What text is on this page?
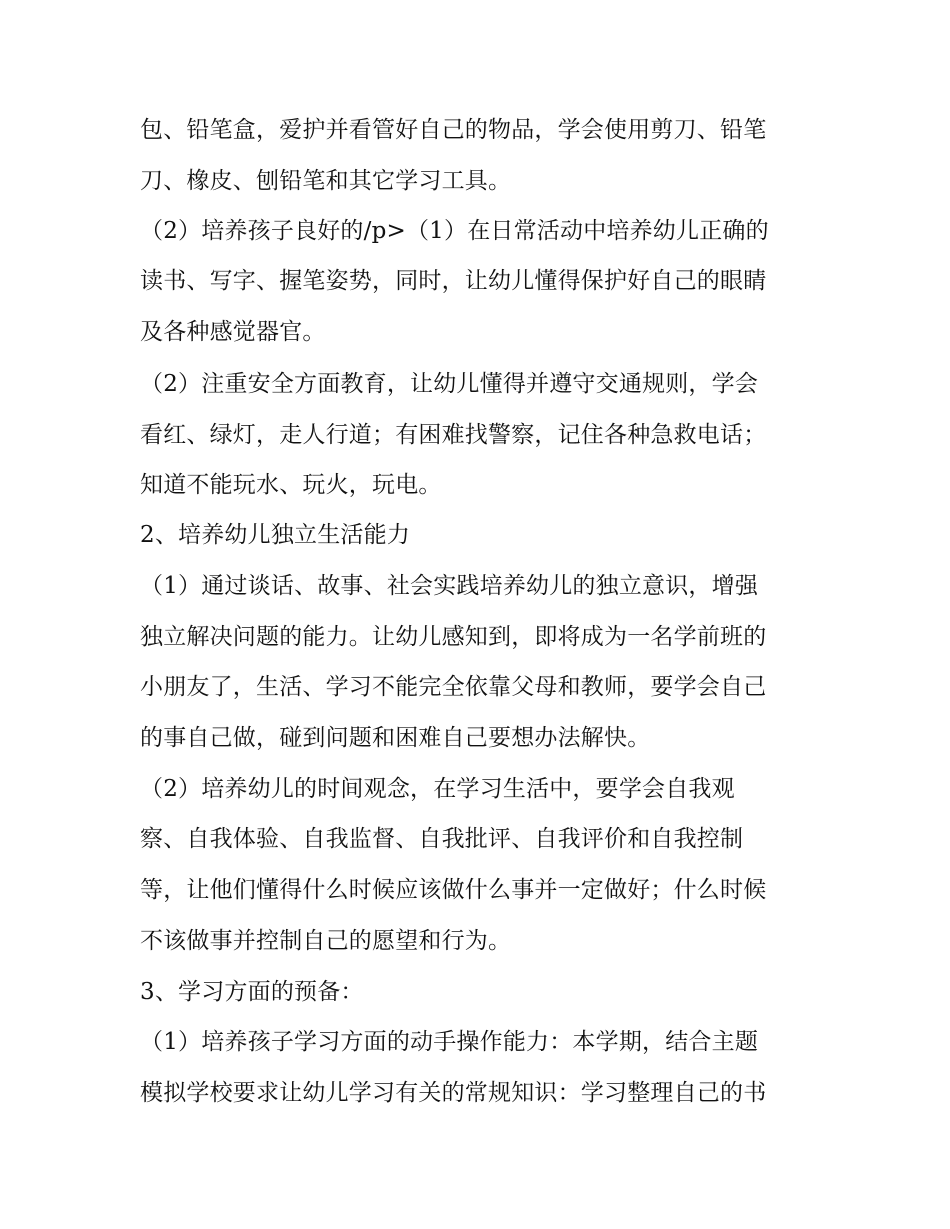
包、铅笔盒，爱护并看管好自己的物品，学会使用剪刀、铅笔
刀、橡皮、刨铅笔和其它学习工具。
（2）培养孩子良好的/p>（1）在日常活动中培养幼儿正确的
读书、写字、握笔姿势，同时，让幼儿懂得保护好自己的眼睛
及各种感觉器官。
（2）注重安全方面教育，让幼儿懂得并遵守交通规则，学会
看红、绿灯，走人行道；有困难找警察，记住各种急救电话；
知道不能玩水、玩火，玩电。
2、培养幼儿独立生活能力
（1）通过谈话、故事、社会实践培养幼儿的独立意识，增强
独立解决问题的能力。让幼儿感知到，即将成为一名学前班的
小朋友了，生活、学习不能完全依靠父母和教师，要学会自己
的事自己做，碰到问题和困难自己要想办法解快。
（2）培养幼儿的时间观念，在学习生活中，要学会自我观
察、自我体验、自我监督、自我批评、自我评价和自我控制
等，让他们懂得什么时候应该做什么事并一定做好；什么时候
不该做事并控制自己的愿望和行为。
3、学习方面的预备：
（1）培养孩子学习方面的动手操作能力：本学期，结合主题
模拟学校要求让幼儿学习有关的常规知识：学习整理自己的书
